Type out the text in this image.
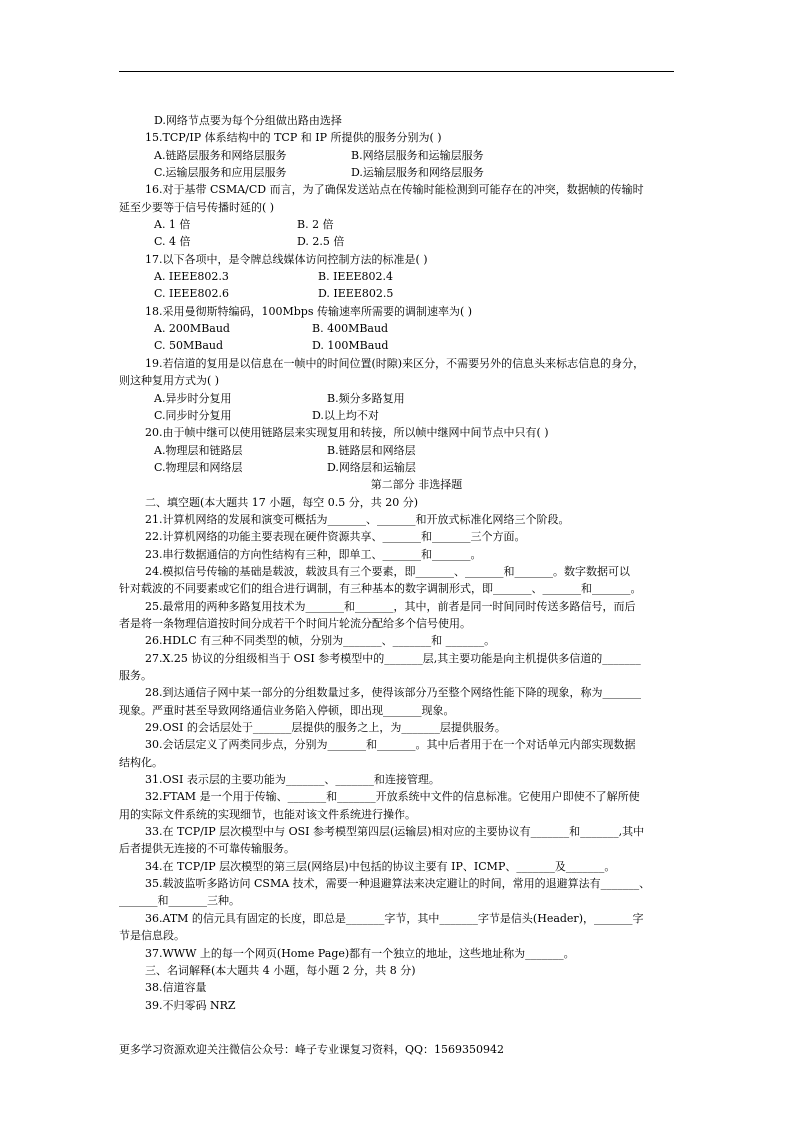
D.网络节点要为每个分组做出路由选择
15.TCP/IP 体系结构中的 TCP 和 IP 所提供的服务分别为( )
A.链路层服务和网络层服务	B.网络层服务和运输层服务
C.运输层服务和应用层服务	D.运输层服务和网络层服务
16.对于基带 CSMA/CD 而言，为了确保发送站点在传输时能检测到可能存在的冲突，数据帧的传输时
延至少要等于信号传播时延的( )
A. 1 倍	B. 2 倍
C. 4 倍	D. 2.5 倍
17.以下各项中，是令牌总线媒体访问控制方法的标准是( )
A. IEEE802.3	B. IEEE802.4
C. IEEE802.6	D. IEEE802.5
18.采用曼彻斯特编码，100Mbps 传输速率所需要的调制速率为( )
A. 200MBaud	B. 400MBaud
C. 50MBaud	D. 100MBaud
19.若信道的复用是以信息在一帧中的时间位置(时隙)来区分，不需要另外的信息头来标志信息的身分，
则这种复用方式为( )
A.异步时分复用	B.频分多路复用
C.同步时分复用	D.以上均不对
20.由于帧中继可以使用链路层来实现复用和转接，所以帧中继网中间节点中只有( )
A.物理层和链路层	B.链路层和网络层
C.物理层和网络层	D.网络层和运输层
第二部分 非选择题
二、填空题(本大题共 17 小题，每空 0.5 分，共 20 分)
21.计算机网络的发展和演变可概括为_______、_______和开放式标准化网络三个阶段。
22.计算机网络的功能主要表现在硬件资源共享、_______和_______三个方面。
23.串行数据通信的方向性结构有三种，即单工、_______和_______。
24.模拟信号传输的基础是载波，载波具有三个要素，即_______、_______和_______。数字数据可以
针对载波的不同要素或它们的组合进行调制，有三种基本的数字调制形式，即_______、_______和_______。
25.最常用的两种多路复用技术为_______和_______，其中，前者是同一时间同时传送多路信号，而后
者是将一条物理信道按时间分成若干个时间片轮流分配给多个信号使用。
26.HDLC 有三种不同类型的帧，分别为_______、_______和 _______。
27.X.25 协议的分组级相当于 OSI 参考模型中的_______层,其主要功能是向主机提供多信道的_______
服务。
28.到达通信子网中某一部分的分组数量过多，使得该部分乃至整个网络性能下降的现象，称为_______
现象。严重时甚至导致网络通信业务陷入停顿，即出现_______现象。
29.OSI 的会话层处于_______层提供的服务之上，为_______层提供服务。
30.会话层定义了两类同步点，分别为_______和_______。其中后者用于在一个对话单元内部实现数据
结构化。
31.OSI 表示层的主要功能为_______、_______和连接管理。
32.FTAM 是一个用于传输、_______和_______开放系统中文件的信息标准。它使用户即使不了解所使
用的实际文件系统的实现细节，也能对该文件系统进行操作。
33.在 TCP/IP 层次模型中与 OSI 参考模型第四层(运输层)相对应的主要协议有_______和_______,其中
后者提供无连接的不可靠传输服务。
34.在 TCP/IP 层次模型的第三层(网络层)中包括的协议主要有 IP、ICMP、_______及_______。
35.载波监听多路访问 CSMA 技术，需要一种退避算法来决定避让的时间，常用的退避算法有_______、
_______和_______三种。
36.ATM 的信元具有固定的长度，即总是_______字节，其中_______字节是信头(Header)，_______字
节是信息段。
37.WWW 上的每一个网页(Home Page)都有一个独立的地址，这些地址称为_______。
三、名词解释(本大题共 4 小题，每小题 2 分，共 8 分)
38.信道容量
39.不归零码 NRZ
更多学习资源欢迎关注微信公众号：峰子专业课复习资料，QQ：1569350942
